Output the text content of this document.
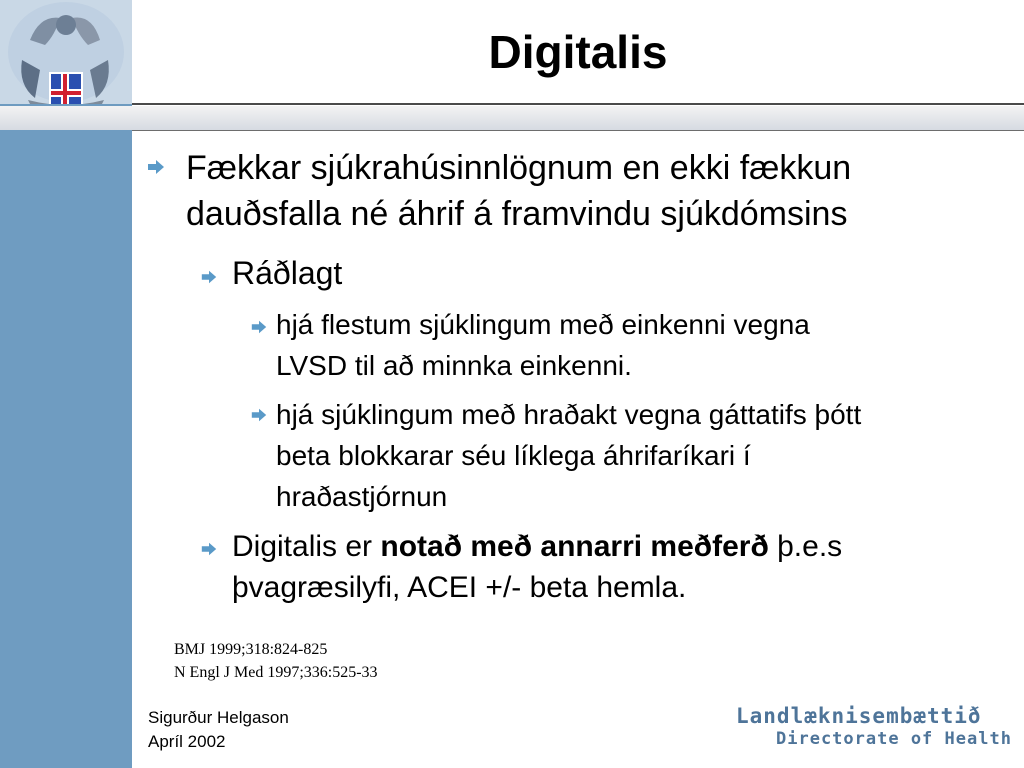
Digitalis
Fækkar sjúkrahúsinnlögnum en ekki fækkun
dauðsfalla né áhrif á framvindu sjúkdómsins
Ráðlagt
hjá flestum sjúklingum með einkenni vegna
LVSD til að minnka einkenni.
hjá sjúklingum með hraðakt vegna gáttatifs þótt
beta blokkarar séu líklega áhrifaríkari í
hraðastjórnun
Digitalis er notað með annarri meðferð þ.e.s
þvagræsilyfi, ACEI +/- beta hemla.
BMJ 1999;318:824-825
N Engl J Med 1997;336:525-33
Sigurður Helgason
Apríl 2002
Landlæknisembættið
Directorate of Health
